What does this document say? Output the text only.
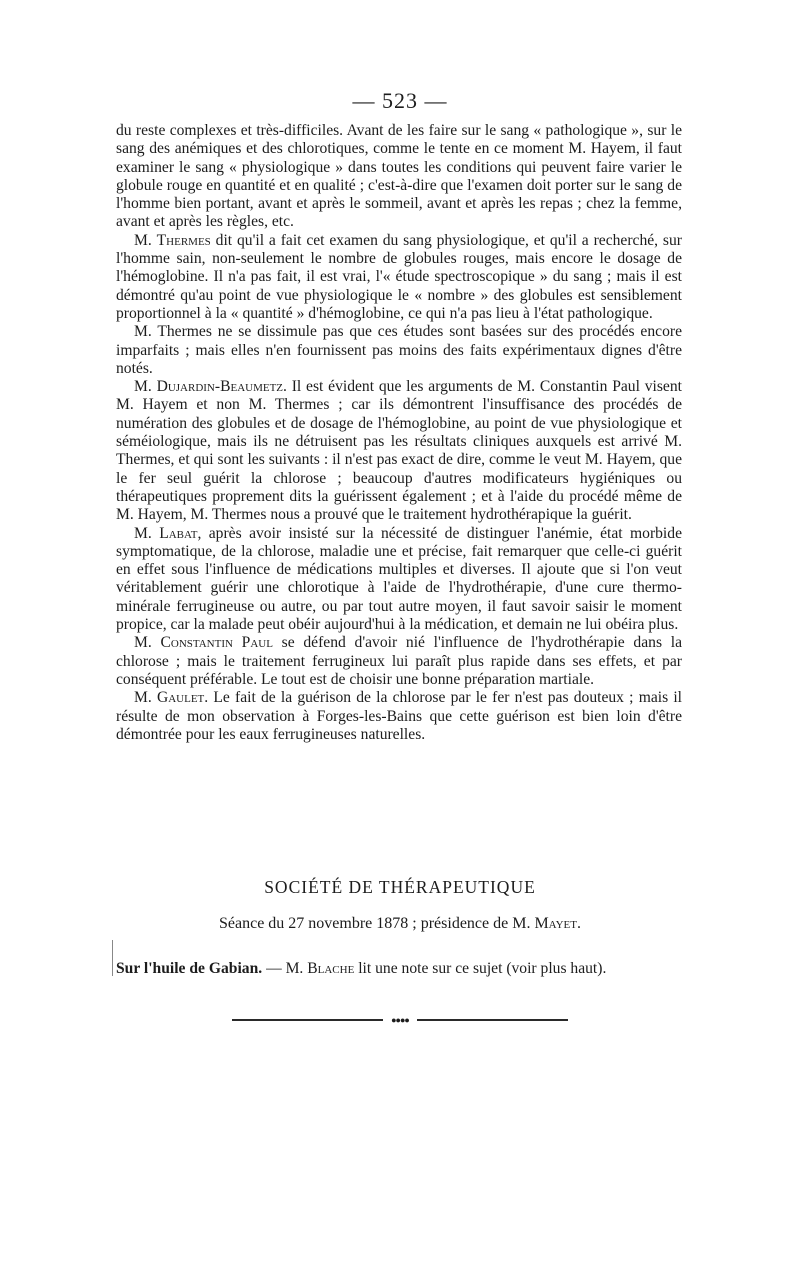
— 523 —

du reste complexes et très-difficiles. Avant de les faire sur le sang « pathologique », sur le sang des anémiques et des chlorotiques, comme le tente en ce moment M. Hayem, il faut examiner le sang « physiologique » dans toutes les conditions qui peuvent faire varier le globule rouge en quantité et en qualité ; c'est-à-dire que l'examen doit porter sur le sang de l'homme bien portant, avant et après le sommeil, avant et après les repas ; chez la femme, avant et après les règles, etc.

M. Thermes dit qu'il a fait cet examen du sang physiologique, et qu'il a recherché, sur l'homme sain, non-seulement le nombre de globules rouges, mais encore le dosage de l'hémoglobine. Il n'a pas fait, il est vrai, l'« étude spectroscopique » du sang ; mais il est démontré qu'au point de vue physiologique le « nombre » des globules est sensiblement proportionnel à la « quantité » d'hémoglobine, ce qui n'a pas lieu à l'état pathologique.

M. Thermes ne se dissimule pas que ces études sont basées sur des procédés encore imparfaits ; mais elles n'en fournissent pas moins des faits expérimentaux dignes d'être notés.

M. Dujardin-Beaumetz. Il est évident que les arguments de M. Constantin Paul visent M. Hayem et non M. Thermes ; car ils démontrent l'insuffisance des procédés de numération des globules et de dosage de l'hémoglobine, au point de vue physiologique et séméiologique, mais ils ne détruisent pas les résultats cliniques auxquels est arrivé M. Thermes, et qui sont les suivants : il n'est pas exact de dire, comme le veut M. Hayem, que le fer seul guérit la chlorose ; beaucoup d'autres modificateurs hygiéniques ou thérapeutiques proprement dits la guérissent également ; et à l'aide du procédé même de M. Hayem, M. Thermes nous a prouvé que le traitement hydrothérapique la guérit.

M. Labat, après avoir insisté sur la nécessité de distinguer l'anémie, état morbide symptomatique, de la chlorose, maladie une et précise, fait remarquer que celle-ci guérit en effet sous l'influence de médications multiples et diverses. Il ajoute que si l'on veut véritablement guérir une chlorotique à l'aide de l'hydrothérapie, d'une cure thermo-minérale ferrugineuse ou autre, ou par tout autre moyen, il faut savoir saisir le moment propice, car la malade peut obéir aujourd'hui à la médication, et demain ne lui obéira plus.

M. Constantin Paul se défend d'avoir nié l'influence de l'hydrothérapie dans la chlorose ; mais le traitement ferrugineux lui paraît plus rapide dans ses effets, et par conséquent préférable. Le tout est de choisir une bonne préparation martiale.

M. Gaulet. Le fait de la guérison de la chlorose par le fer n'est pas douteux ; mais il résulte de mon observation à Forges-les-Bains que cette guérison est bien loin d'être démontrée pour les eaux ferrugineuses naturelles.

SOCIÉTÉ DE THÉRAPEUTIQUE
Séance du 27 novembre 1878 ; présidence de M. Mayet.
Sur l'huile de Gabian. — M. Blache lit une note sur ce sujet (voir plus haut).
●●●●
